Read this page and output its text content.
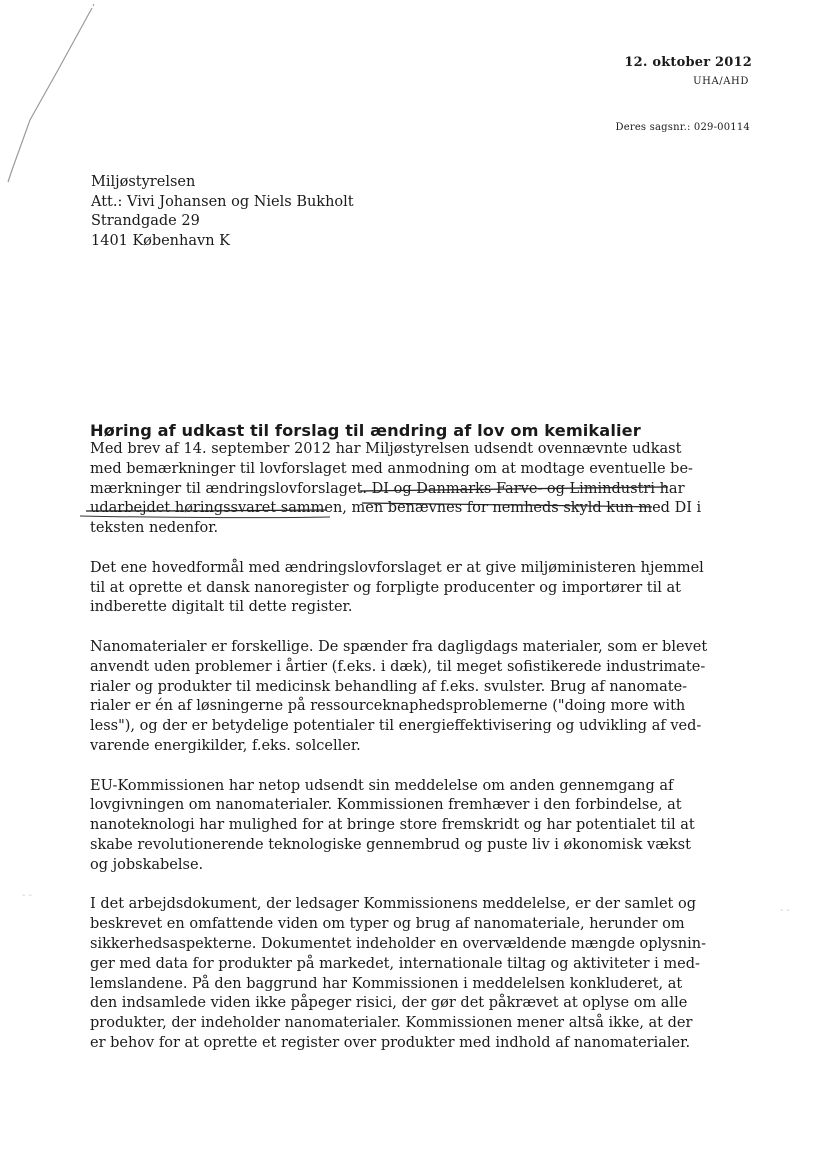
12. oktober 2012
UHA/AHD
Deres sagsnr.: 029-00114
Miljøstyrelsen
Att.: Vivi Johansen og Niels Bukholt
Strandgade 29
1401 København K
Høring af udkast til forslag til ændring af lov om kemikalier

Med brev af 14. september 2012 har Miljøstyrelsen udsendt ovennævnte udkast
med bemærkninger til lovforslaget med anmodning om at modtage eventuelle be-
mærkninger til ændringslovforslaget. DI og Danmarks Farve- og Limindustri har
udarbejdet høringssvaret sammen, men benævnes for nemheds skyld kun med DI i
teksten nedenfor.

Det ene hovedformål med ændringslovforslaget er at give miljøministeren hjemmel
til at oprette et dansk nanoregister og forpligte producenter og importører til at
indberette digitalt til dette register.

Nanomaterialer er forskellige. De spænder fra dagligdags materialer, som er blevet
anvendt uden problemer i årtier (f.eks. i dæk), til meget sofistikerede industrimate-
rialer og produkter til medicinsk behandling af f.eks. svulster. Brug af nanomate-
rialer er én af løsningerne på ressourceknaphedsproblemerne ("doing more with
less"), og der er betydelige potentialer til energieffektivisering og udvikling af ved-
varende energikilder, f.eks. solceller.

EU-Kommissionen har netop udsendt sin meddelelse om anden gennemgang af
lovgivningen om nanomaterialer. Kommissionen fremhæver i den forbindelse, at
nanoteknologi har mulighed for at bringe store fremskridt og har potentialet til at
skabe revolutionerende teknologiske gennembrud og puste liv i økonomisk vækst
og jobskabelse.

I det arbejdsdokument, der ledsager Kommissionens meddelelse, er der samlet og
beskrevet en omfattende viden om typer og brug af nanomateriale, herunder om
sikkerhedsaspekterne. Dokumentet indeholder en overvældende mængde oplysnin-
ger med data for produkter på markedet, internationale tiltag og aktiviteter i med-
lemslandene. På den baggrund har Kommissionen i meddelelsen konkluderet, at
den indsamlede viden ikke påpeger risici, der gør det påkrævet at oplyse om alle
produkter, der indeholder nanomaterialer. Kommissionen mener altså ikke, at der
er behov for at oprette et register over produkter med indhold af nanomaterialer.

- -
- -
